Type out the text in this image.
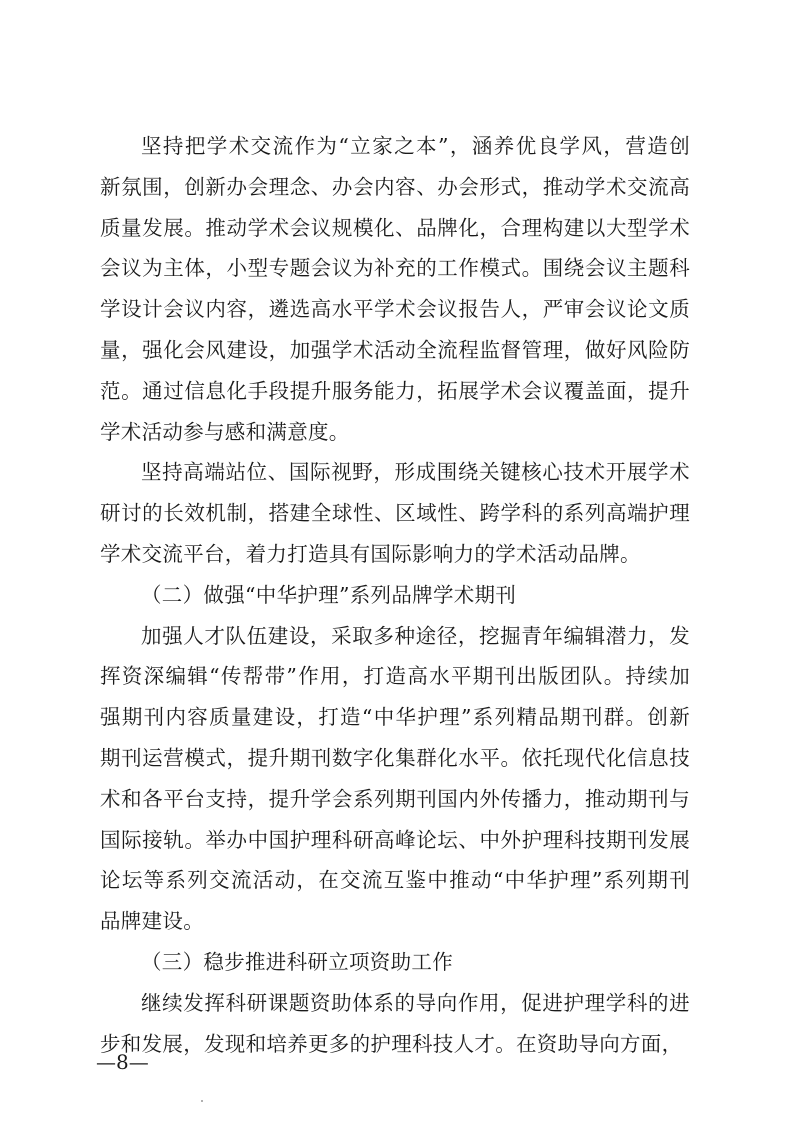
坚持把学术交流作为“立家之本”，涵养优良学风，营造创
新氛围，创新办会理念、办会内容、办会形式，推动学术交流高
质量发展。推动学术会议规模化、品牌化，合理构建以大型学术
会议为主体，小型专题会议为补充的工作模式。围绕会议主题科
学设计会议内容，遴选高水平学术会议报告人，严审会议论文质
量，强化会风建设，加强学术活动全流程监督管理，做好风险防
范。通过信息化手段提升服务能力，拓展学术会议覆盖面，提升
学术活动参与感和满意度。
坚持高端站位、国际视野，形成围绕关键核心技术开展学术
研讨的长效机制，搭建全球性、区域性、跨学科的系列高端护理
学术交流平台，着力打造具有国际影响力的学术活动品牌。
（二）做强“中华护理”系列品牌学术期刊
加强人才队伍建设，采取多种途径，挖掘青年编辑潜力，发
挥资深编辑“传帮带”作用，打造高水平期刊出版团队。持续加
强期刊内容质量建设，打造“中华护理”系列精品期刊群。创新
期刊运营模式，提升期刊数字化集群化水平。依托现代化信息技
术和各平台支持，提升学会系列期刊国内外传播力，推动期刊与
国际接轨。举办中国护理科研高峰论坛、中外护理科技期刊发展
论坛等系列交流活动，在交流互鉴中推动“中华护理”系列期刊
品牌建设。
（三）稳步推进科研立项资助工作
继续发挥科研课题资助体系的导向作用，促进护理学科的进
步和发展，发现和培养更多的护理科技人才。在资助导向方面，
—8—
